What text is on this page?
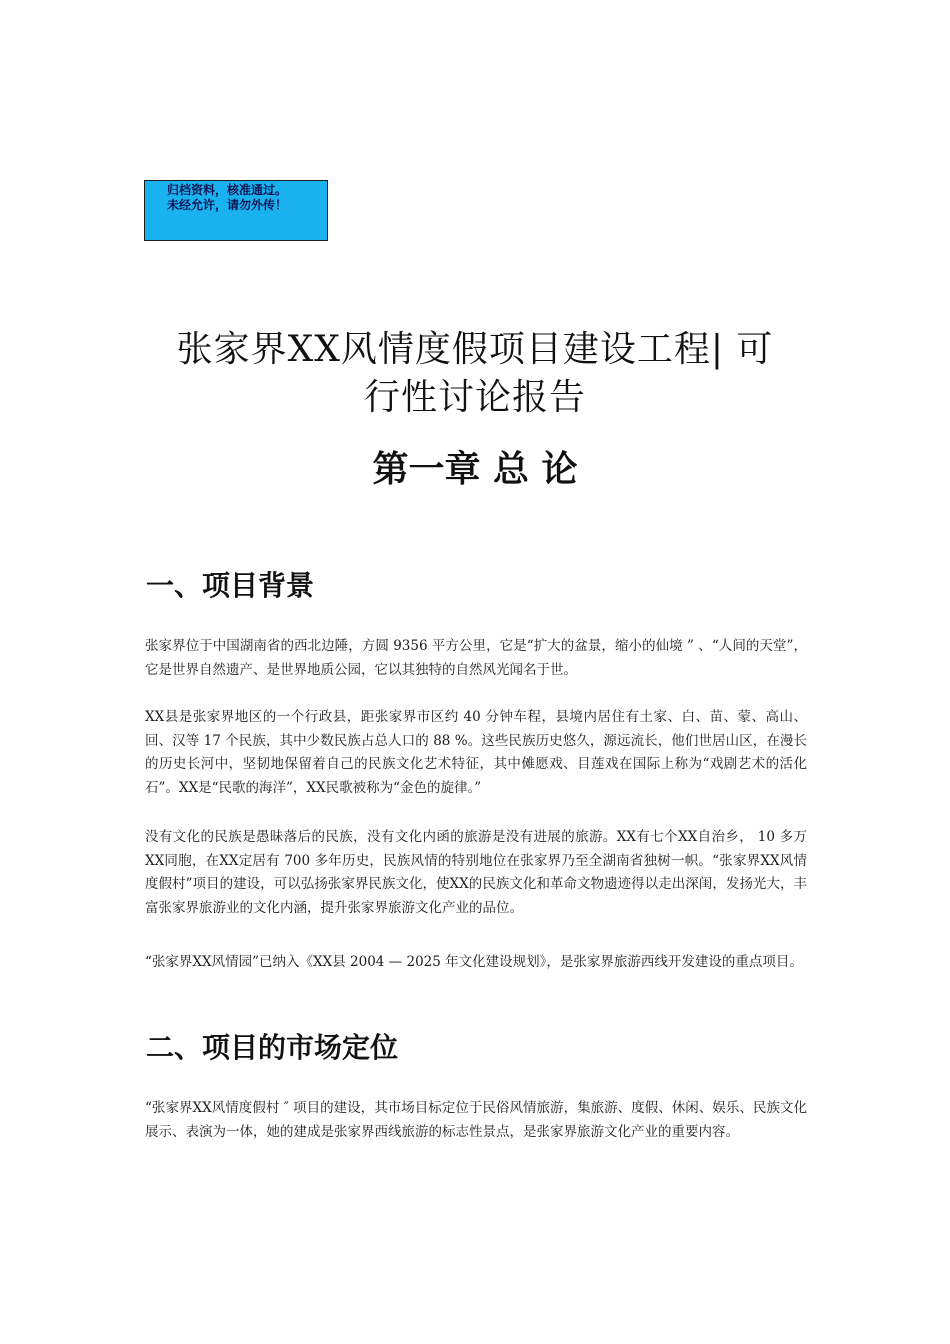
归档资料，核准通过。
未经允许，请勿外传！
张家界XX风情度假项目建设工程| 可
行性讨论报告
第一章 总 论
一、项目背景

张家界位于中国湖南省的西北边陲，方圆 9356 平方公里，它是“扩大的盆景，缩小的仙境 ” 、“人间的天堂”，它是世界自然遗产、是世界地质公园，它以其独特的自然风光闻名于世。

XX县是张家界地区的一个行政县，距张家界市区约 40 分钟车程，县境内居住有土家、白、苗、蒙、高山、回、汉等 17 个民族，其中少数民族占总人口的 88 %。这些民族历史悠久，源远流长，他们世居山区，在漫长的历史长河中，坚韧地保留着自己的民族文化艺术特征，其中傩愿戏、目莲戏在国际上称为“戏剧艺术的活化石”。XX是“民歌的海洋”，XX民歌被称为“金色的旋律。”

没有文化的民族是愚昧落后的民族，没有文化内函的旅游是没有进展的旅游。XX有七个XX自治乡， 10 多万XX同胞，在XX定居有 700 多年历史，民族风情的特别地位在张家界乃至全湖南省独树一帜。“张家界XX风情度假村”项目的建设，可以弘扬张家界民族文化，使XX的民族文化和革命文物遗迹得以走出深闺，发扬光大，丰富张家界旅游业的文化内涵，提升张家界旅游文化产业的品位。

“张家界XX风情园”已纳入《XX县 2004 — 2025 年文化建设规划》，是张家界旅游西线开发建设的重点项目。

二、项目的市场定位

“张家界XX风情度假村 ″ 项目的建设，其市场目标定位于民俗风情旅游，集旅游、度假、休闲、娱乐、民族文化展示、表演为一体，她的建成是张家界西线旅游的标志性景点，是张家界旅游文化产业的重要内容。
